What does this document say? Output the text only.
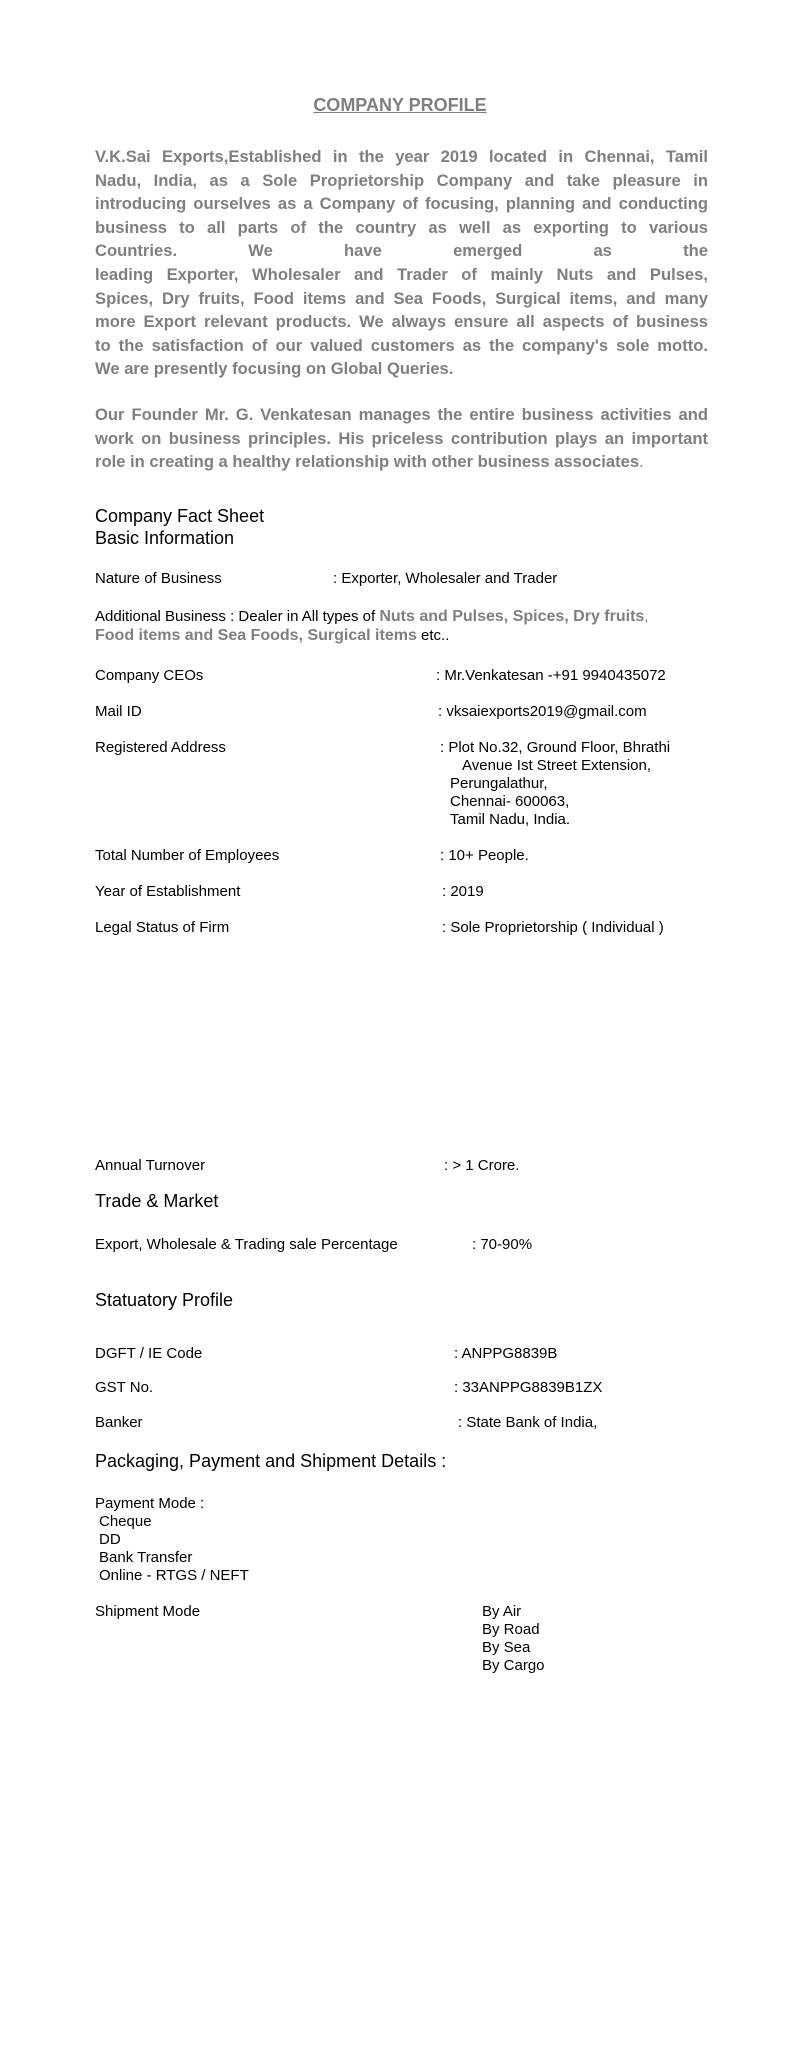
COMPANY PROFILE
V.K.Sai Exports,Established in the year 2019 located in Chennai, Tamil
Nadu, India, as a Sole Proprietorship Company and take pleasure in
introducing ourselves as a Company of focusing, planning and conducting
business to all parts of the country as well as exporting to various
Countries. We have emerged as the
leading Exporter, Wholesaler and Trader of mainly Nuts and Pulses,
Spices, Dry fruits, Food items and Sea Foods, Surgical items, and many
more Export relevant products. We always ensure all aspects of business
to the satisfaction of our valued customers as the company's sole motto.
We are presently focusing on Global Queries.
Our Founder Mr. G. Venkatesan manages the entire business activities and
work on business principles. His priceless contribution plays an important
role in creating a healthy relationship with other business associates.
Company Fact Sheet
Basic Information
Nature of Business	: Exporter, Wholesaler and Trader
Additional Business : Dealer in All types of Nuts and Pulses, Spices, Dry fruits,
Food items and Sea Foods, Surgical items etc..
Company CEOs	: Mr.Venkatesan -+91 9940435072
Mail ID	: vksaiexports2019@gmail.com
Registered Address	: Plot No.32, Ground Floor, Bhrathi
Avenue Ist Street Extension,
Perungalathur,
Chennai- 600063,
Tamil Nadu, India.
Total Number of Employees	: 10+ People.
Year of Establishment	: 2019
Legal Status of Firm	: Sole Proprietorship ( Individual )
Annual Turnover	: > 1 Crore.
Trade & Market
Export, Wholesale & Trading sale Percentage	: 70-90%
Statuatory Profile
DGFT / IE Code	: ANPPG8839B
GST No.	: 33ANPPG8839B1ZX
Banker	: State Bank of India,
Packaging, Payment and Shipment Details :
Payment Mode :
Cheque
DD
Bank Transfer
Online - RTGS / NEFT
Shipment Mode	By Air
By Road
By Sea
By Cargo
